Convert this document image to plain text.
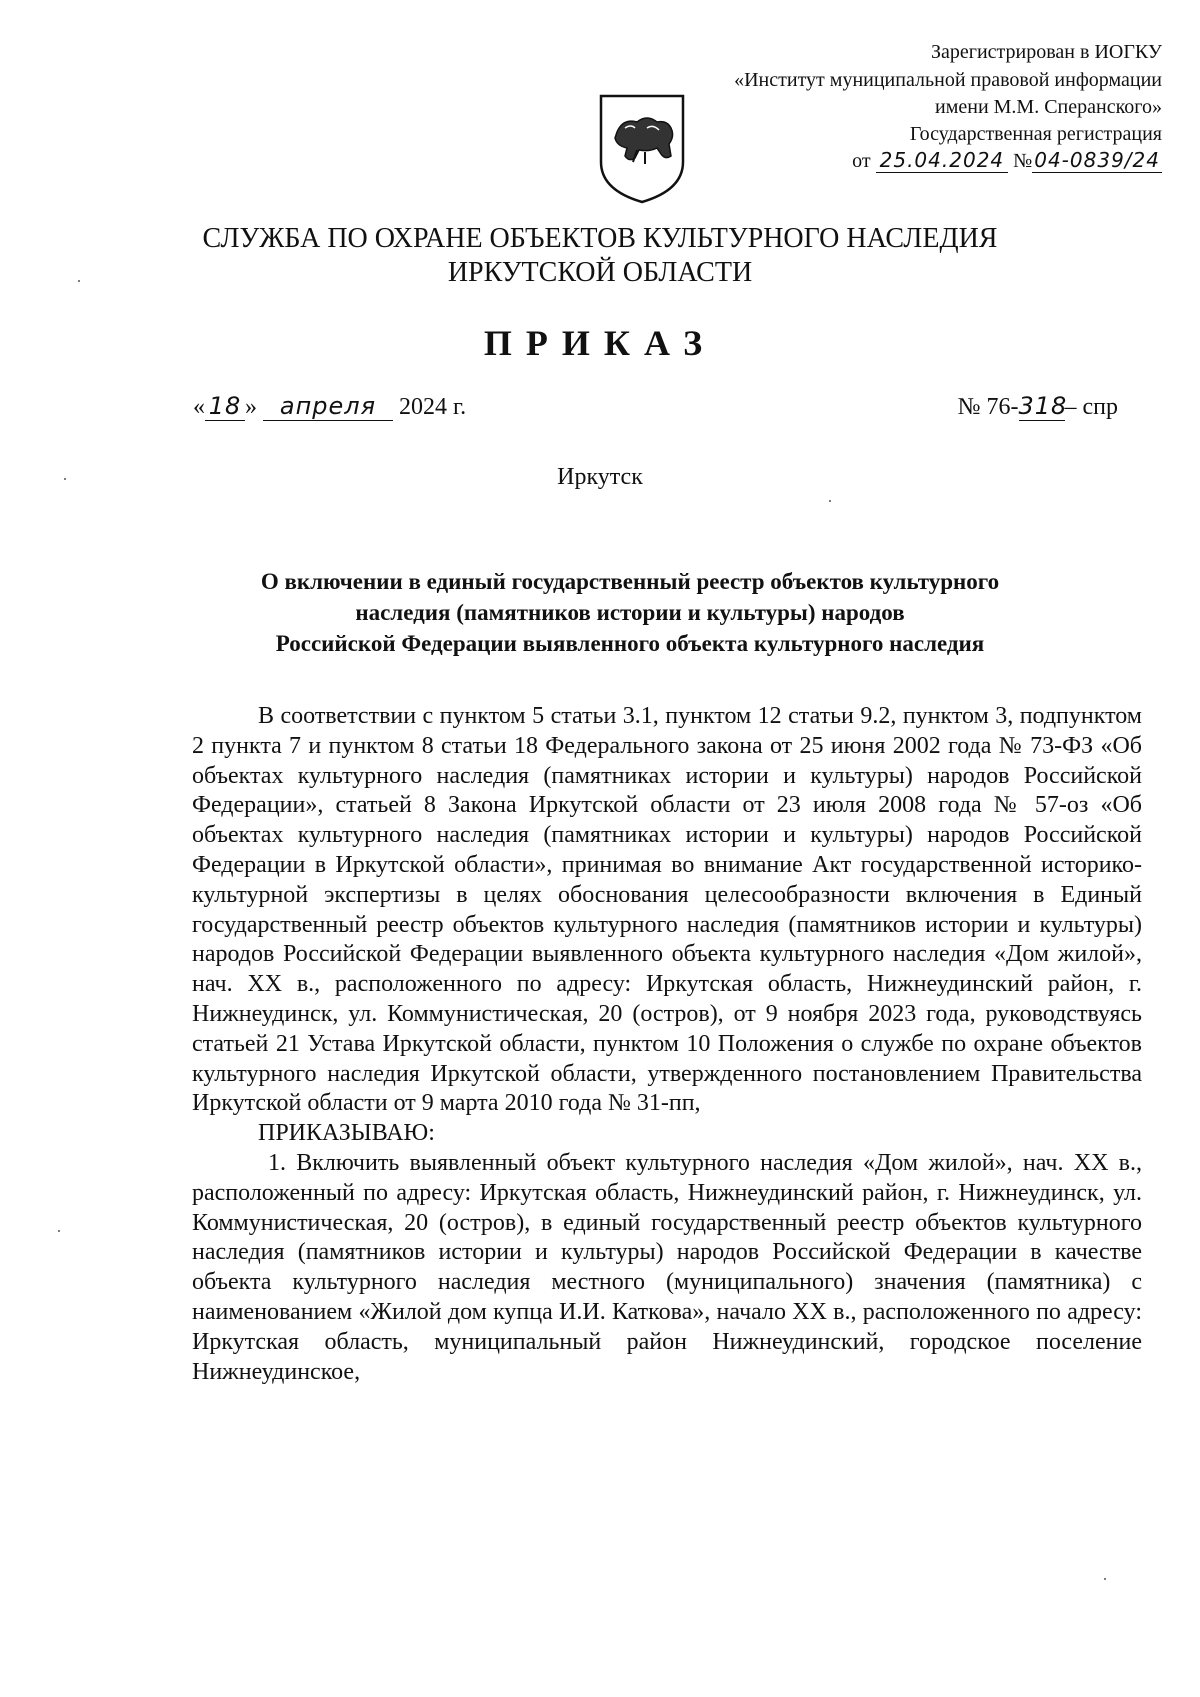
Зарегистрирован в ИОГКУ
«Институт муниципальной правовой информации
имени М.М. Сперанского»
Государственная регистрация
от 25.04.2024 № 04-0839/24
СЛУЖБА ПО ОХРАНЕ ОБЪЕКТОВ КУЛЬТУРНОГО НАСЛЕДИЯ
ИРКУТСКОЙ ОБЛАСТИ
ПРИКАЗ
« 18 » апреля 2024 г.	№ 76-318– спр
Иркутск
О включении в единый государственный реестр объектов культурного
наследия (памятников истории и культуры) народов
Российской Федерации выявленного объекта культурного наследия

В соответствии с пунктом 5 статьи 3.1, пунктом 12 статьи 9.2, пунктом 3, подпунктом 2 пункта 7 и пунктом 8 статьи 18 Федерального закона от 25 июня 2002 года № 73-ФЗ «Об объектах культурного наследия (памятниках истории и культуры) народов Российской Федерации», статьей 8 Закона Иркутской области от 23 июля 2008 года № 57-оз «Об объектах культурного наследия (памятниках истории и культуры) народов Российской Федерации в Иркутской области», принимая во внимание Акт государственной историко-культурной экспертизы в целях обоснования целесообразности включения в Единый государственный реестр объектов культурного наследия (памятников истории и культуры) народов Российской Федерации выявленного объекта культурного наследия «Дом жилой», нач. XX в., расположенного по адресу: Иркутская область, Нижнеудинский район, г. Нижнеудинск, ул. Коммунистическая, 20 (остров), от 9 ноября 2023 года, руководствуясь статьей 21 Устава Иркутской области, пунктом 10 Положения о службе по охране объектов культурного наследия Иркутской области, утвержденного постановлением Правительства Иркутской области от 9 марта 2010 года № 31-пп,

ПРИКАЗЫВАЮ:

1. Включить выявленный объект культурного наследия «Дом жилой», нач. XX в., расположенный по адресу: Иркутская область, Нижнеудинский район, г. Нижнеудинск, ул. Коммунистическая, 20 (остров), в единый государственный реестр объектов культурного наследия (памятников истории и культуры) народов Российской Федерации в качестве объекта культурного наследия местного (муниципального) значения (памятника) с наименованием «Жилой дом купца И.И. Каткова», начало XX в., расположенного по адресу: Иркутская область, муниципальный район Нижнеудинский, городское поселение Нижнеудинское,
